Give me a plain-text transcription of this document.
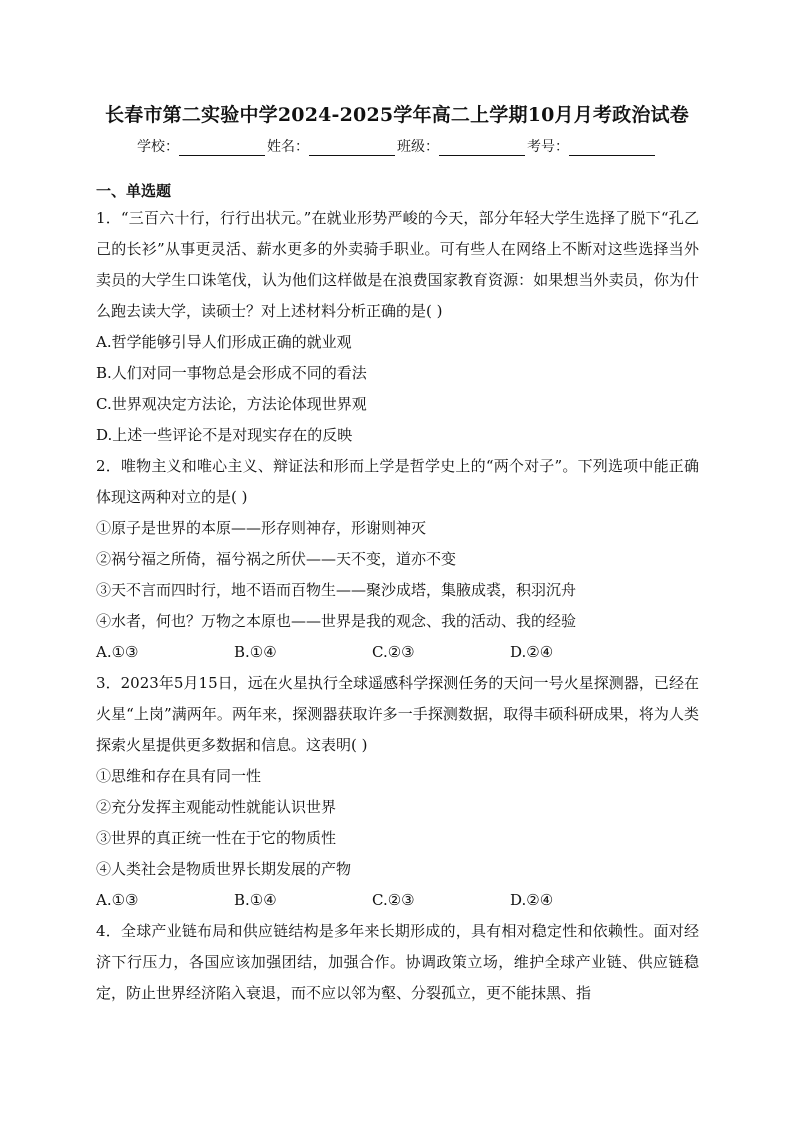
长春市第二实验中学2024-2025学年高二上学期10月月考政治试卷
学校：	姓名：	班级：	考号：
一、单选题

1．“三百六十行，行行出状元。”在就业形势严峻的今天，部分年轻大学生选择了脱下“孔乙己的长衫”从事更灵活、薪水更多的外卖骑手职业。可有些人在网络上不断对这些选择当外卖员的大学生口诛笔伐，认为他们这样做是在浪费国家教育资源：如果想当外卖员，你为什么跑去读大学，读硕士？对上述材料分析正确的是( )

A.哲学能够引导人们形成正确的就业观

B.人们对同一事物总是会形成不同的看法

C.世界观决定方法论，方法论体现世界观

D.上述一些评论不是对现实存在的反映

2．唯物主义和唯心主义、辩证法和形而上学是哲学史上的“两个对子”。下列选项中能正确体现这两种对立的是( )

①原子是世界的本原——形存则神存，形谢则神灭

②祸兮福之所倚，福兮祸之所伏——天不变，道亦不变

③天不言而四时行，地不语而百物生——聚沙成塔，集腋成裘，积羽沉舟

④水者，何也？万物之本原也——世界是我的观念、我的活动、我的经验

A.①③	B.①④	C.②③	D.②④

3．2023年5月15日，远在火星执行全球遥感科学探测任务的天问一号火星探测器，已经在火星“上岗”满两年。两年来，探测器获取许多一手探测数据，取得丰硕科研成果，将为人类探索火星提供更多数据和信息。这表明( )

①思维和存在具有同一性

②充分发挥主观能动性就能认识世界

③世界的真正统一性在于它的物质性

④人类社会是物质世界长期发展的产物

A.①③	B.①④	C.②③	D.②④

4．全球产业链布局和供应链结构是多年来长期形成的，具有相对稳定性和依赖性。面对经济下行压力，各国应该加强团结，加强合作。协调政策立场，维护全球产业链、供应链稳定，防止世界经济陷入衰退，而不应以邻为壑、分裂孤立，更不能抹黑、指
